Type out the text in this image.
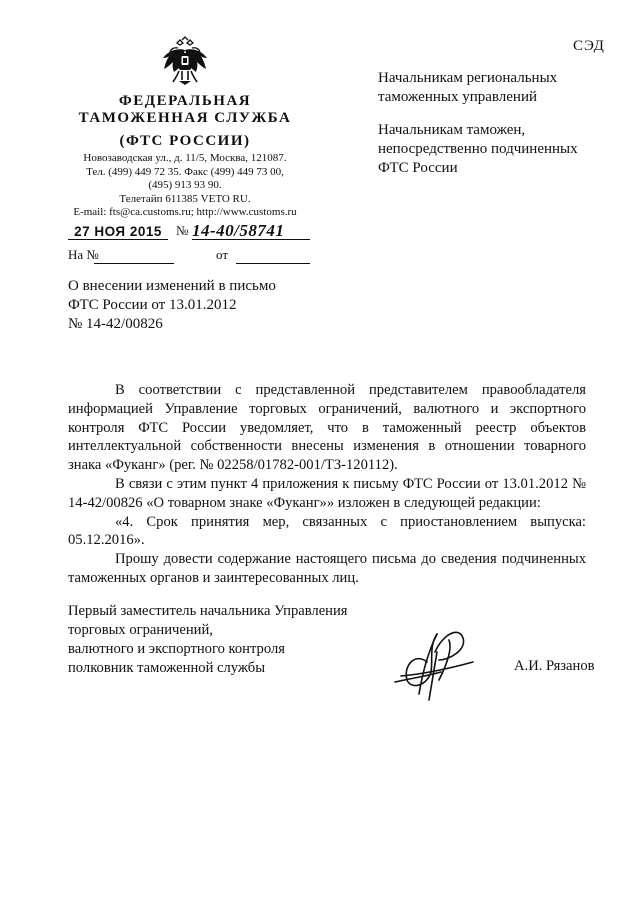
СЭД
ФЕДЕРАЛЬНАЯ
ТАМОЖЕННАЯ СЛУЖБА
(ФТС РОССИИ)
Новозаводская ул., д. 11/5, Москва, 121087.
Тел. (499) 449 72 35. Факс (499) 449 73 00,
(495) 913 93 90.
Телетайп 611385 VETO RU.
E-mail: fts@ca.customs.ru; http://www.customs.ru
27 НОЯ 2015	№ 14-40/58741
На №	от
Начальникам региональных
таможенных управлений
Начальникам таможен,
непосредственно подчиненных
ФТС России
О внесении изменений в письмо
ФТС России от 13.01.2012
№ 14-42/00826

В соответствии с представленной представителем правообладателя информацией Управление торговых ограничений, валютного и экспортного контроля ФТС России уведомляет, что в таможенный реестр объектов интеллектуальной собственности внесены изменения в отношении товарного знака «Фуканг» (рег. № 02258/01782-001/ТЗ-120112).

В связи с этим пункт 4 приложения к письму ФТС России от 13.01.2012 № 14-42/00826 «О товарном знаке «Фуканг»» изложен в следующей редакции:

«4. Срок принятия мер, связанных с приостановлением выпуска: 05.12.2016».

Прошу довести содержание настоящего письма до сведения подчиненных таможенных органов и заинтересованных лиц.

Первый заместитель начальника Управления
торговых ограничений,
валютного и экспортного контроля
полковник таможенной службы	А.И. Рязанов
